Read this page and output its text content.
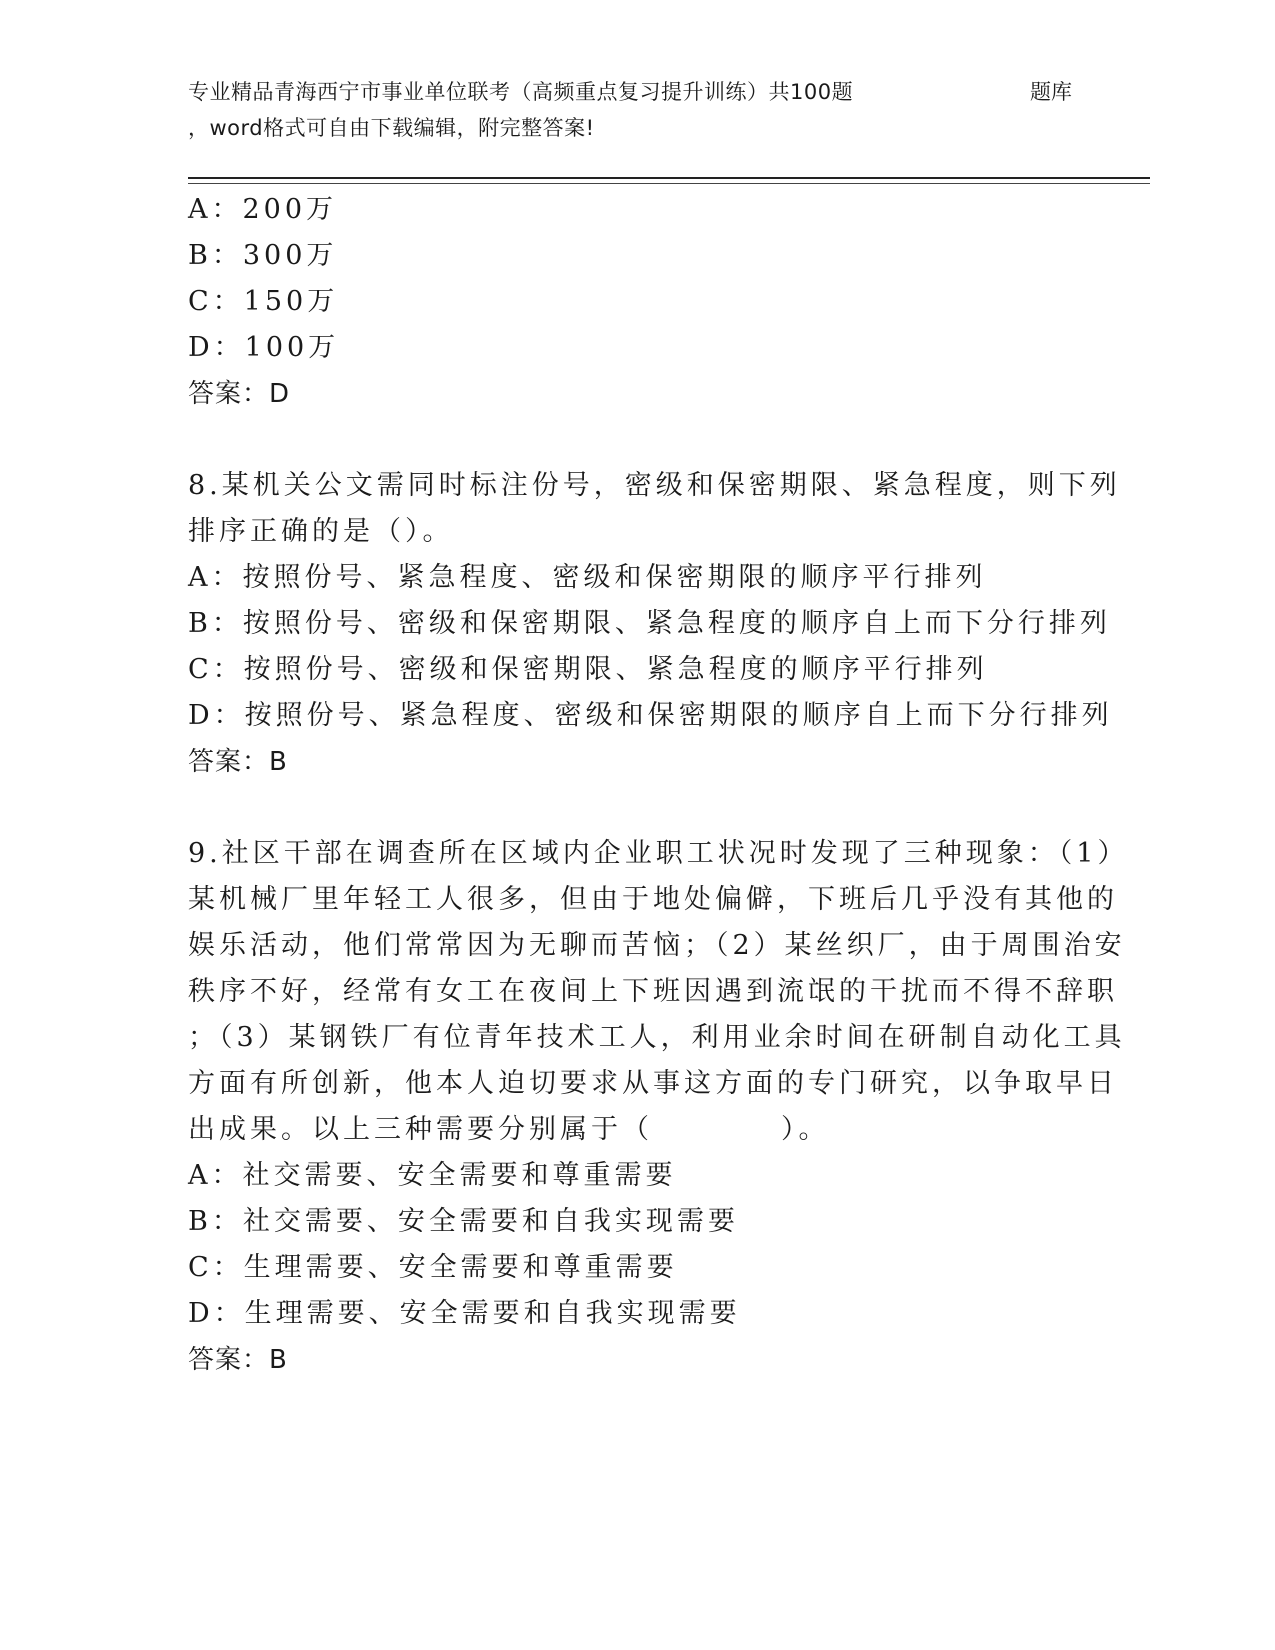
专业精品青海西宁市事业单位联考（高频重点复习提升训练）共100题
，word格式可自由下载编辑，附完整答案!
题库
A：200万
B：300万
C：150万
D：100万
答案：D
8.某机关公文需同时标注份号，密级和保密期限、紧急程度，则下列
排序正确的是（）。
A：按照份号、紧急程度、密级和保密期限的顺序平行排列
B：按照份号、密级和保密期限、紧急程度的顺序自上而下分行排列
C：按照份号、密级和保密期限、紧急程度的顺序平行排列
D：按照份号、紧急程度、密级和保密期限的顺序自上而下分行排列
答案：B
9.社区干部在调查所在区域内企业职工状况时发现了三种现象：（1）
某机械厂里年轻工人很多，但由于地处偏僻，下班后几乎没有其他的
娱乐活动，他们常常因为无聊而苦恼；（2）某丝织厂，由于周围治安
秩序不好，经常有女工在夜间上下班因遇到流氓的干扰而不得不辞职
；（3）某钢铁厂有位青年技术工人，利用业余时间在研制自动化工具
方面有所创新，他本人迫切要求从事这方面的专门研究，以争取早日
出成果。以上三种需要分别属于（	）。
A：社交需要、安全需要和尊重需要
B：社交需要、安全需要和自我实现需要
C：生理需要、安全需要和尊重需要
D：生理需要、安全需要和自我实现需要
答案：B
